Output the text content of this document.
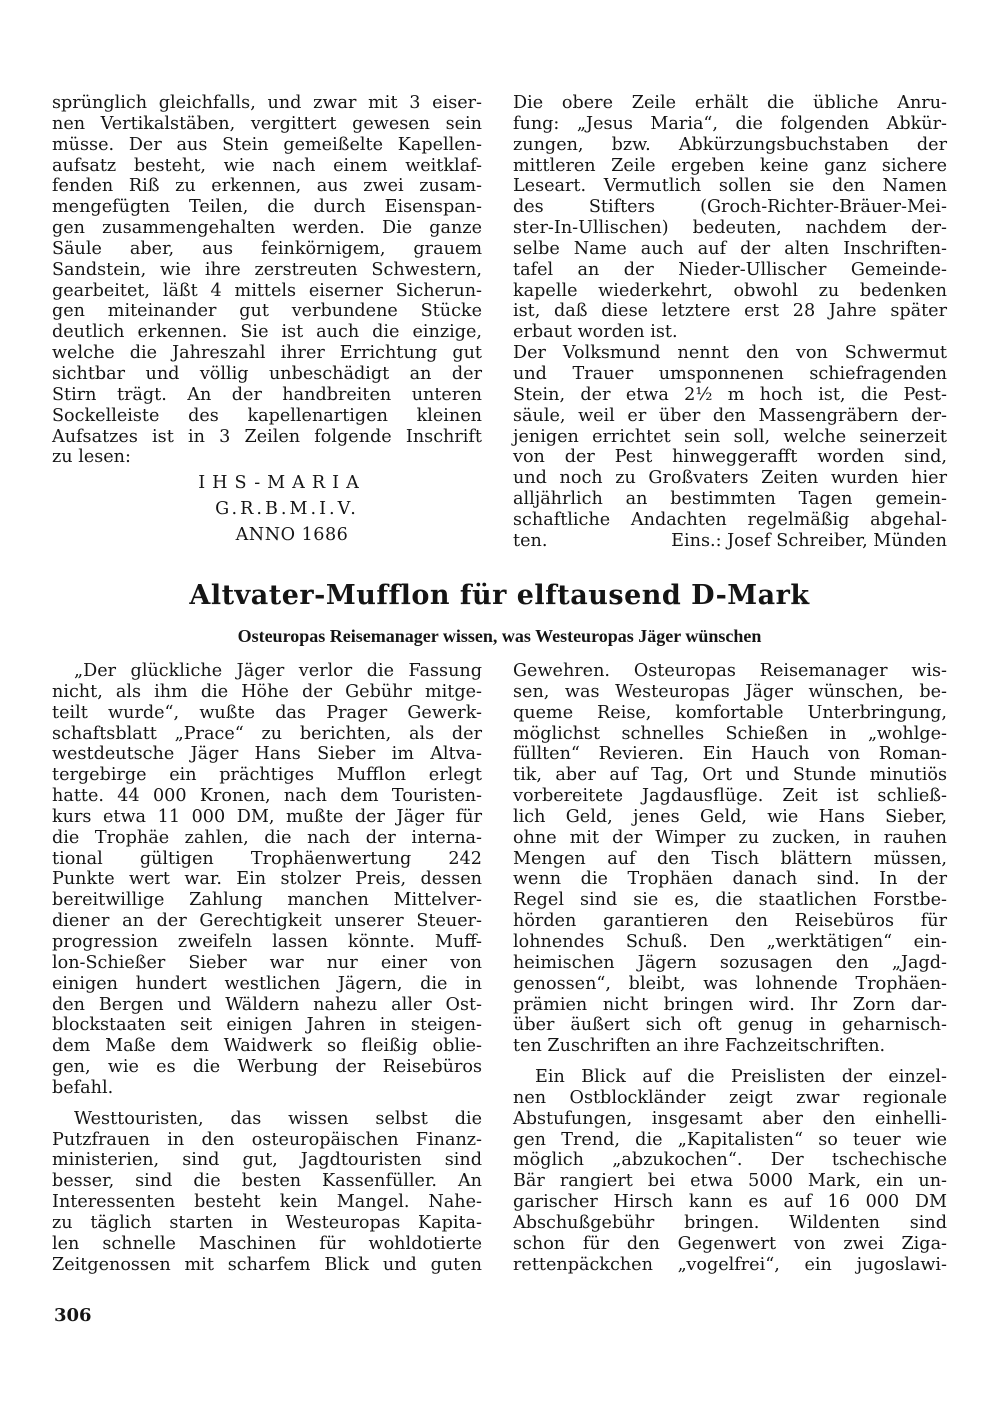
sprünglich gleichfalls, und zwar mit 3 eiser-
nen Vertikalstäben, vergittert gewesen sein
müsse. Der aus Stein gemeißelte Kapellen-
aufsatz besteht, wie nach einem weitklaf-
fenden Riß zu erkennen, aus zwei zusam-
mengefügten Teilen, die durch Eisenspan-
gen zusammengehalten werden. Die ganze
Säule aber, aus feinkörnigem, grauem
Sandstein, wie ihre zerstreuten Schwestern,
gearbeitet, läßt 4 mittels eiserner Sicherun-
gen miteinander gut verbundene Stücke
deutlich erkennen. Sie ist auch die einzige,
welche die Jahreszahl ihrer Errichtung gut
sichtbar und völlig unbeschädigt an der
Stirn trägt. An der handbreiten unteren
Sockelleiste des kapellenartigen kleinen
Aufsatzes ist in 3 Zeilen folgende Inschrift
zu lesen:
IHS-MARIA
G.R.B.M.I.V.
ANNO 1686
Die obere Zeile erhält die übliche Anru-
fung: „Jesus Maria“, die folgenden Abkür-
zungen, bzw. Abkürzungsbuchstaben der
mittleren Zeile ergeben keine ganz sichere
Leseart. Vermutlich sollen sie den Namen
des Stifters (Groch-Richter-Bräuer-Mei-
ster-In-Ullischen) bedeuten, nachdem der-
selbe Name auch auf der alten Inschriften-
tafel an der Nieder-Ullischer Gemeinde-
kapelle wiederkehrt, obwohl zu bedenken
ist, daß diese letztere erst 28 Jahre später
erbaut worden ist.
Der Volksmund nennt den von Schwermut
und Trauer umsponnenen schiefragenden
Stein, der etwa 2½ m hoch ist, die Pest-
säule, weil er über den Massengräbern der-
jenigen errichtet sein soll, welche seinerzeit
von der Pest hinweggerafft worden sind,
und noch zu Großvaters Zeiten wurden hier
alljährlich an bestimmten Tagen gemein-
schaftliche Andachten regelmäßig abgehal-
ten.	Eins.: Josef Schreiber, Münden
Altvater-Mufflon für elftausend D-Mark
Osteuropas Reisemanager wissen, was Westeuropas Jäger wünschen
„Der glückliche Jäger verlor die Fassung
nicht, als ihm die Höhe der Gebühr mitge-
teilt wurde“, wußte das Prager Gewerk-
schaftsblatt „Prace“ zu berichten, als der
westdeutsche Jäger Hans Sieber im Altva-
tergebirge ein prächtiges Mufflon erlegt
hatte. 44 000 Kronen, nach dem Touristen-
kurs etwa 11 000 DM, mußte der Jäger für
die Trophäe zahlen, die nach der interna-
tional gültigen Trophäenwertung 242
Punkte wert war. Ein stolzer Preis, dessen
bereitwillige Zahlung manchen Mittelver-
diener an der Gerechtigkeit unserer Steuer-
progression zweifeln lassen könnte. Muff-
lon-Schießer Sieber war nur einer von
einigen hundert westlichen Jägern, die in
den Bergen und Wäldern nahezu aller Ost-
blockstaaten seit einigen Jahren in steigen-
dem Maße dem Waidwerk so fleißig oblie-
gen, wie es die Werbung der Reisebüros
befahl.
Westtouristen, das wissen selbst die
Putzfrauen in den osteuropäischen Finanz-
ministerien, sind gut, Jagdtouristen sind
besser, sind die besten Kassenfüller. An
Interessenten besteht kein Mangel. Nahe-
zu täglich starten in Westeuropas Kapita-
len schnelle Maschinen für wohldotierte
Zeitgenossen mit scharfem Blick und guten
Gewehren. Osteuropas Reisemanager wis-
sen, was Westeuropas Jäger wünschen, be-
queme Reise, komfortable Unterbringung,
möglichst schnelles Schießen in „wohlge-
füllten“ Revieren. Ein Hauch von Roman-
tik, aber auf Tag, Ort und Stunde minutiös
vorbereitete Jagdausflüge. Zeit ist schließ-
lich Geld, jenes Geld, wie Hans Sieber,
ohne mit der Wimper zu zucken, in rauhen
Mengen auf den Tisch blättern müssen,
wenn die Trophäen danach sind. In der
Regel sind sie es, die staatlichen Forstbe-
hörden garantieren den Reisebüros für
lohnendes Schuß. Den „werktätigen“ ein-
heimischen Jägern sozusagen den „Jagd-
genossen“, bleibt, was lohnende Trophäen-
prämien nicht bringen wird. Ihr Zorn dar-
über äußert sich oft genug in geharnisch-
ten Zuschriften an ihre Fachzeitschriften.
Ein Blick auf die Preislisten der einzel-
nen Ostblockländer zeigt zwar regionale
Abstufungen, insgesamt aber den einhelli-
gen Trend, die „Kapitalisten“ so teuer wie
möglich „abzukochen“. Der tschechische
Bär rangiert bei etwa 5000 Mark, ein un-
garischer Hirsch kann es auf 16 000 DM
Abschußgebühr bringen. Wildenten sind
schon für den Gegenwert von zwei Ziga-
rettenpäckchen „vogelfrei“, ein jugoslawi-
306
